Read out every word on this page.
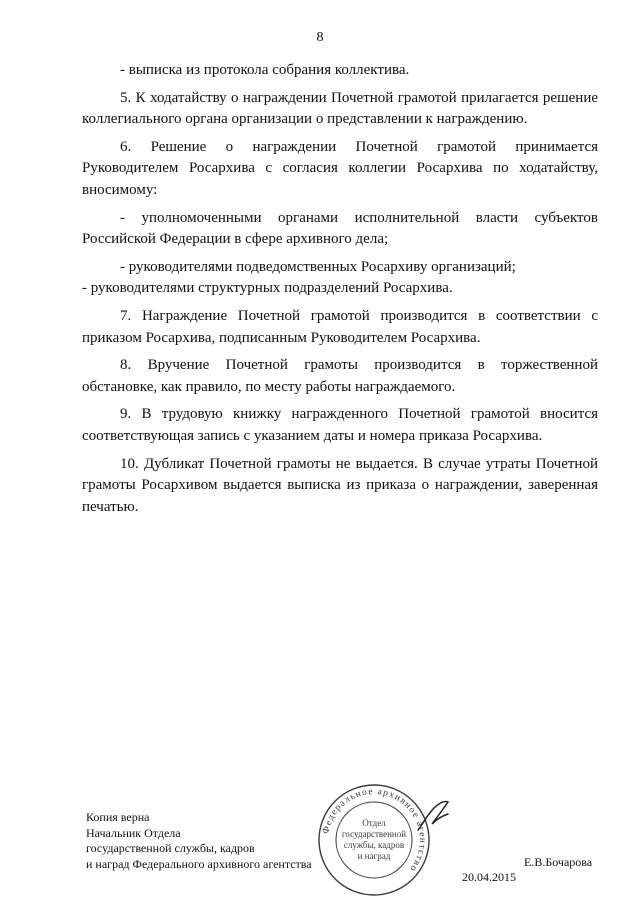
8

- выписка из протокола собрания коллектива.

5. К ходатайству о награждении Почетной грамотой прилагается решение коллегиального органа организации о представлении к награждению.

6. Решение о награждении Почетной грамотой принимается Руководителем Росархива с согласия коллегии Росархива по ходатайству, вносимому:

- уполномоченными органами исполнительной власти субъектов Российской Федерации в сфере архивного дела;

- руководителями подведомственных Росархиву организаций;

- руководителями структурных подразделений Росархива.

7. Награждение Почетной грамотой производится в соответствии с приказом Росархива, подписанным Руководителем Росархива.

8. Вручение Почетной грамоты производится в торжественной обстановке, как правило, по месту работы награждаемого.

9. В трудовую книжку награжденного Почетной грамотой вносится соответствующая запись с указанием даты и номера приказа Росархива.

10. Дубликат Почетной грамоты не выдается. В случае утраты Почетной грамоты Росархивом выдается выписка из приказа о награждении, заверенная печатью.

Копия верна
Начальник Отдела
государственной службы, кадров
и наград Федерального архивного агентства
Федеральное архивное агентство
Отдел
государственной
службы, кадров
и наград	Е.В.Бочарова
20.04.2015
